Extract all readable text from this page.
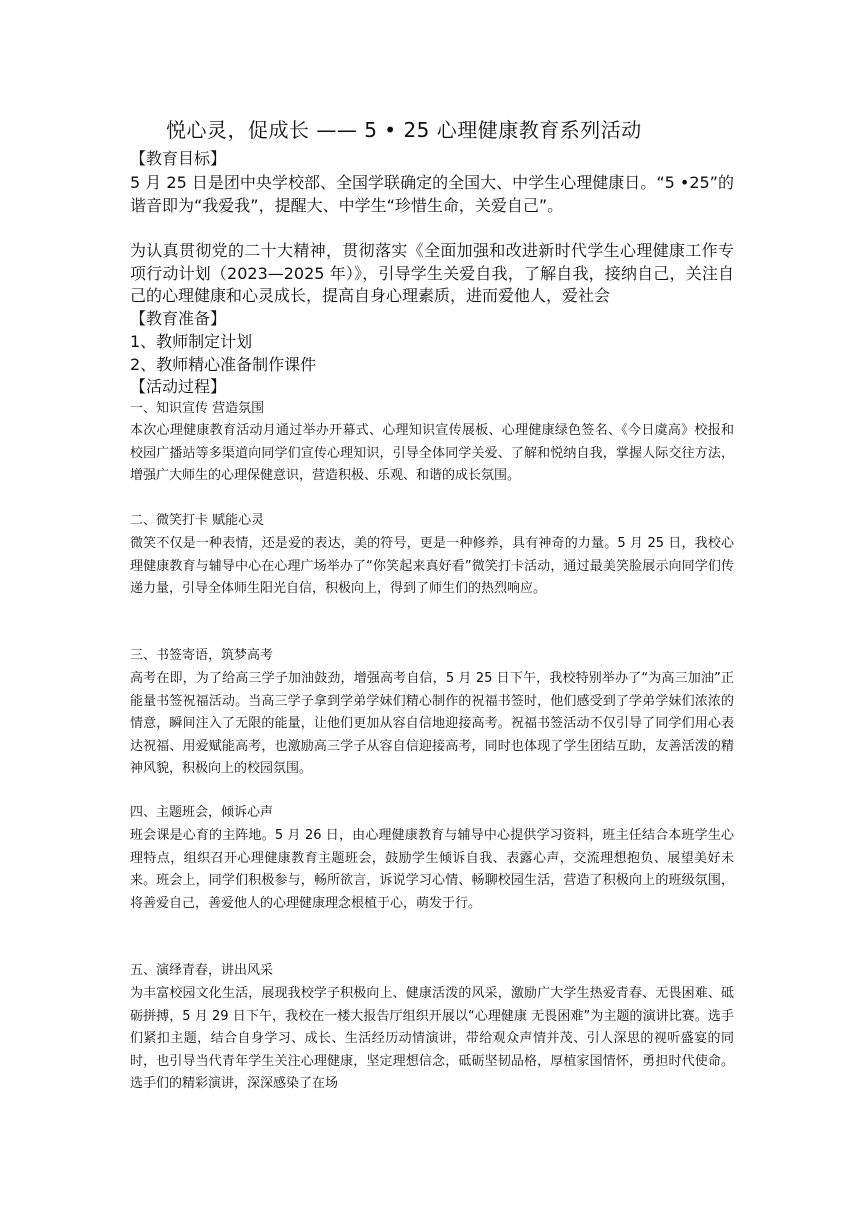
悦心灵，促成长 —— 5 • 25 心理健康教育系列活动
【教育目标】
5 月 25 日是团中央学校部、全国学联确定的全国大、中学生心理健康日。“5 •25”的谐音即为“我爱我”，提醒大、中学生“珍惜生命，关爱自己”。
为认真贯彻党的二十大精神，贯彻落实《全面加强和改进新时代学生心理健康工作专项行动计划（2023—2025 年）》，引导学生关爱自我，了解自我，接纳自己，关注自己的心理健康和心灵成长，提高自身心理素质，进而爱他人，爱社会
【教育准备】
1、教师制定计划
2、教师精心准备制作课件
【活动过程】
一、知识宣传 营造氛围
本次心理健康教育活动月通过举办开幕式、心理知识宣传展板、心理健康绿色签名、《今日虞高》校报和校园广播站等多渠道向同学们宣传心理知识，引导全体同学关爱、了解和悦纳自我，掌握人际交往方法，增强广大师生的心理保健意识，营造积极、乐观、和谐的成长氛围。
二、微笑打卡 赋能心灵
微笑不仅是一种表情，还是爱的表达，美的符号，更是一种修养，具有神奇的力量。5 月 25 日，我校心理健康教育与辅导中心在心理广场举办了“你笑起来真好看”微笑打卡活动，通过最美笑脸展示向同学们传递力量，引导全体师生阳光自信，积极向上，得到了师生们的热烈响应。
三、书签寄语，筑梦高考
高考在即，为了给高三学子加油鼓劲，增强高考自信，5 月 25 日下午，我校特别举办了“为高三加油”正能量书签祝福活动。当高三学子拿到学弟学妹们精心制作的祝福书签时，他们感受到了学弟学妹们浓浓的情意，瞬间注入了无限的能量，让他们更加从容自信地迎接高考。祝福书签活动不仅引导了同学们用心表达祝福、用爱赋能高考，也激励高三学子从容自信迎接高考，同时也体现了学生团结互助，友善活泼的精神风貌，积极向上的校园氛围。
四、主题班会，倾诉心声
班会课是心育的主阵地。5 月 26 日，由心理健康教育与辅导中心提供学习资料，班主任结合本班学生心理特点，组织召开心理健康教育主题班会，鼓励学生倾诉自我、表露心声，交流理想抱负、展望美好未来。班会上，同学们积极参与，畅所欲言，诉说学习心情、畅聊校园生活，营造了积极向上的班级氛围，将善爱自己，善爱他人的心理健康理念根植于心，萌发于行。
五、演绎青春，讲出风采
为丰富校园文化生活，展现我校学子积极向上、健康活泼的风采，激励广大学生热爱青春、无畏困难、砥砺拼搏，5 月 29 日下午，我校在一楼大报告厅组织开展以“心理健康 无畏困难”为主题的演讲比赛。选手们紧扣主题，结合自身学习、成长、生活经历动情演讲，带给观众声情并茂、引人深思的视听盛宴的同时，也引导当代青年学生关注心理健康，坚定理想信念，砥砺坚韧品格，厚植家国情怀，勇担时代使命。选手们的精彩演讲，深深感染了在场
